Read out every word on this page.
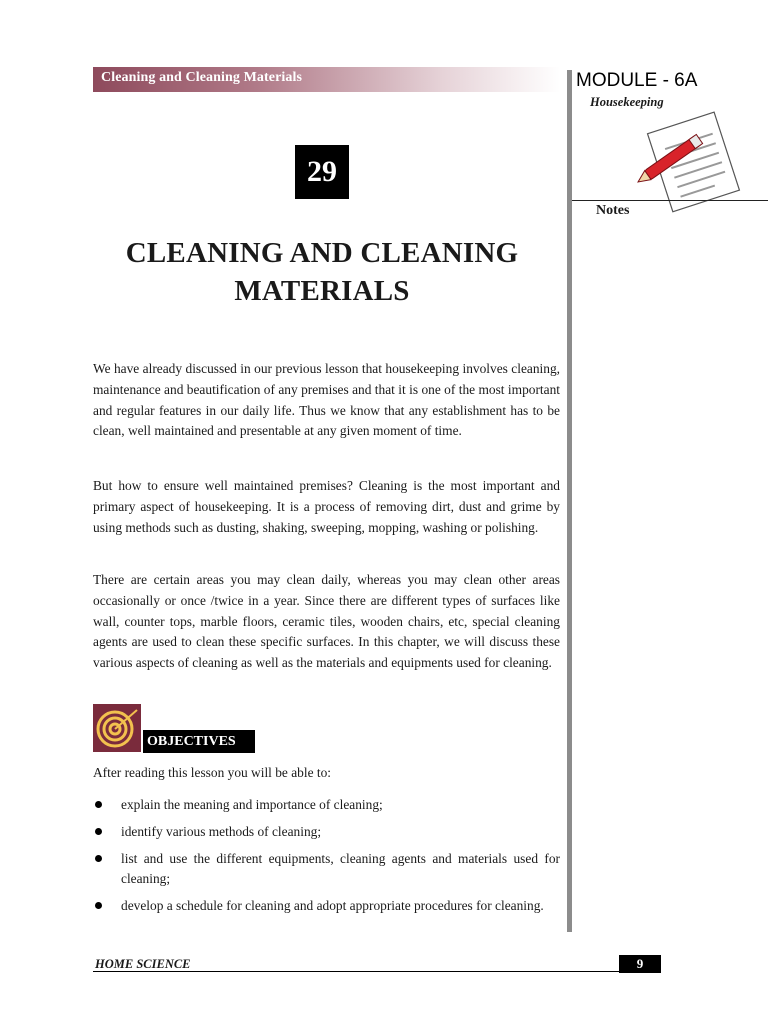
Cleaning and Cleaning Materials	MODULE - 6A
Housekeeping
Notes
29
CLEANING AND CLEANING
MATERIALS

We have already discussed in our previous lesson that housekeeping involves cleaning, maintenance and beautification of any premises and that it is one of the most important and regular features in our daily life. Thus we know that any establishment has to be clean, well maintained and presentable at any given moment of time.

But how to ensure well maintained premises? Cleaning is the most important and primary aspect of housekeeping. It is a process of removing dirt, dust and grime by using methods such as dusting, shaking, sweeping, mopping, washing or polishing.

There are certain areas you may clean daily, whereas you may clean other areas occasionally or once /twice in a year. Since there are different types of surfaces like wall, counter tops, marble floors, ceramic tiles, wooden chairs, etc, special cleaning agents are used to clean these specific surfaces. In this chapter, we will discuss these various aspects of cleaning as well as the materials and equipments used for cleaning.

OBJECTIVES
After reading this lesson you will be able to:
explain the meaning and importance of cleaning;
identify various methods of cleaning;
list and use the different equipments, cleaning agents and materials used for cleaning;
develop a schedule for cleaning and adopt appropriate procedures for cleaning.
HOME SCIENCE	9
